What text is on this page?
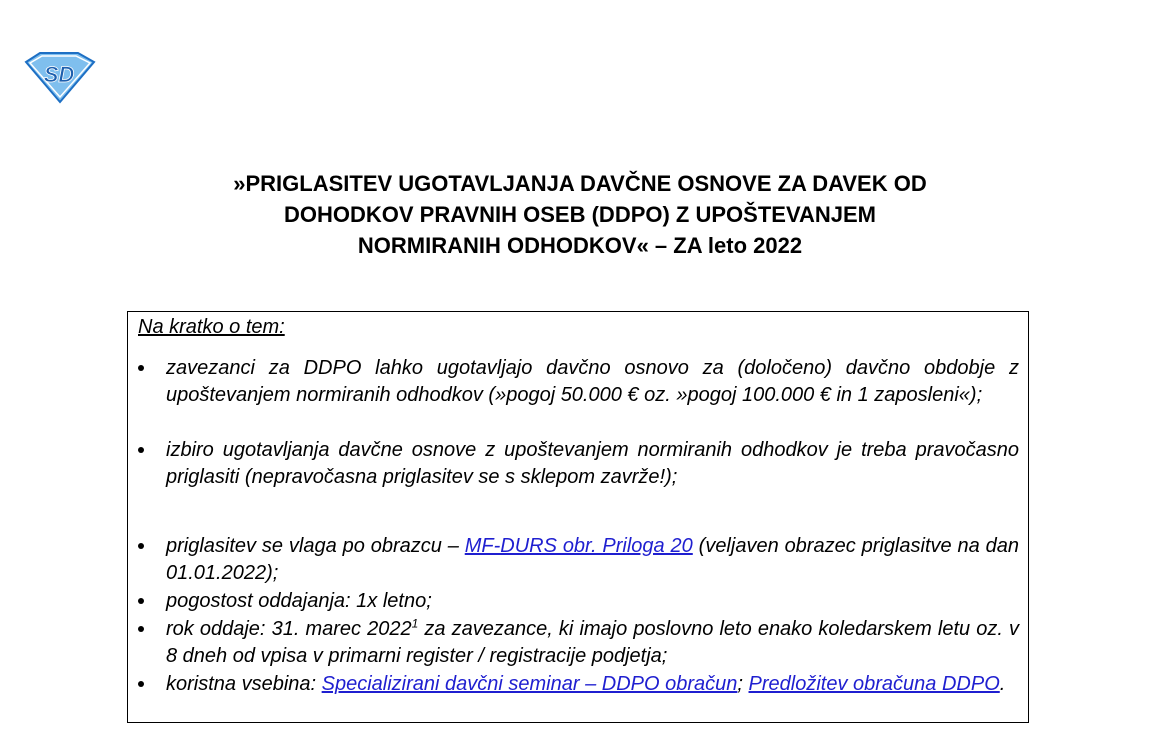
SD
»PRIGLASITEV UGOTAVLJANJA DAVČNE OSNOVE ZA DAVEK OD
DOHODKOV PRAVNIH OSEB (DDPO) Z UPOŠTEVANJEM
NORMIRANIH ODHODKOV« – ZA leto 2022
Na kratko o tem:
zavezanci za DDPO lahko ugotavljajo davčno osnovo za (določeno) davčno obdobje z upoštevanjem normiranih odhodkov (»pogoj 50.000 € oz. »pogoj 100.000 € in 1 zaposleni«);
izbiro ugotavljanja davčne osnove z upoštevanjem normiranih odhodkov je treba pravočasno priglasiti (nepravočasna priglasitev se s sklepom zavrže!);
priglasitev se vlaga po obrazcu – MF-DURS obr. Priloga 20 (veljaven obrazec priglasitve na dan 01.01.2022);
pogostost oddajanja: 1x letno;
rok oddaje: 31. marec 2022$^1$ za zavezance, ki imajo poslovno leto enako koledarskem letu oz. v 8 dneh od vpisa v primarni register / registracije podjetja;
koristna vsebina: Specializirani davčni seminar – DDPO obračun; Predložitev obračuna DDPO.
